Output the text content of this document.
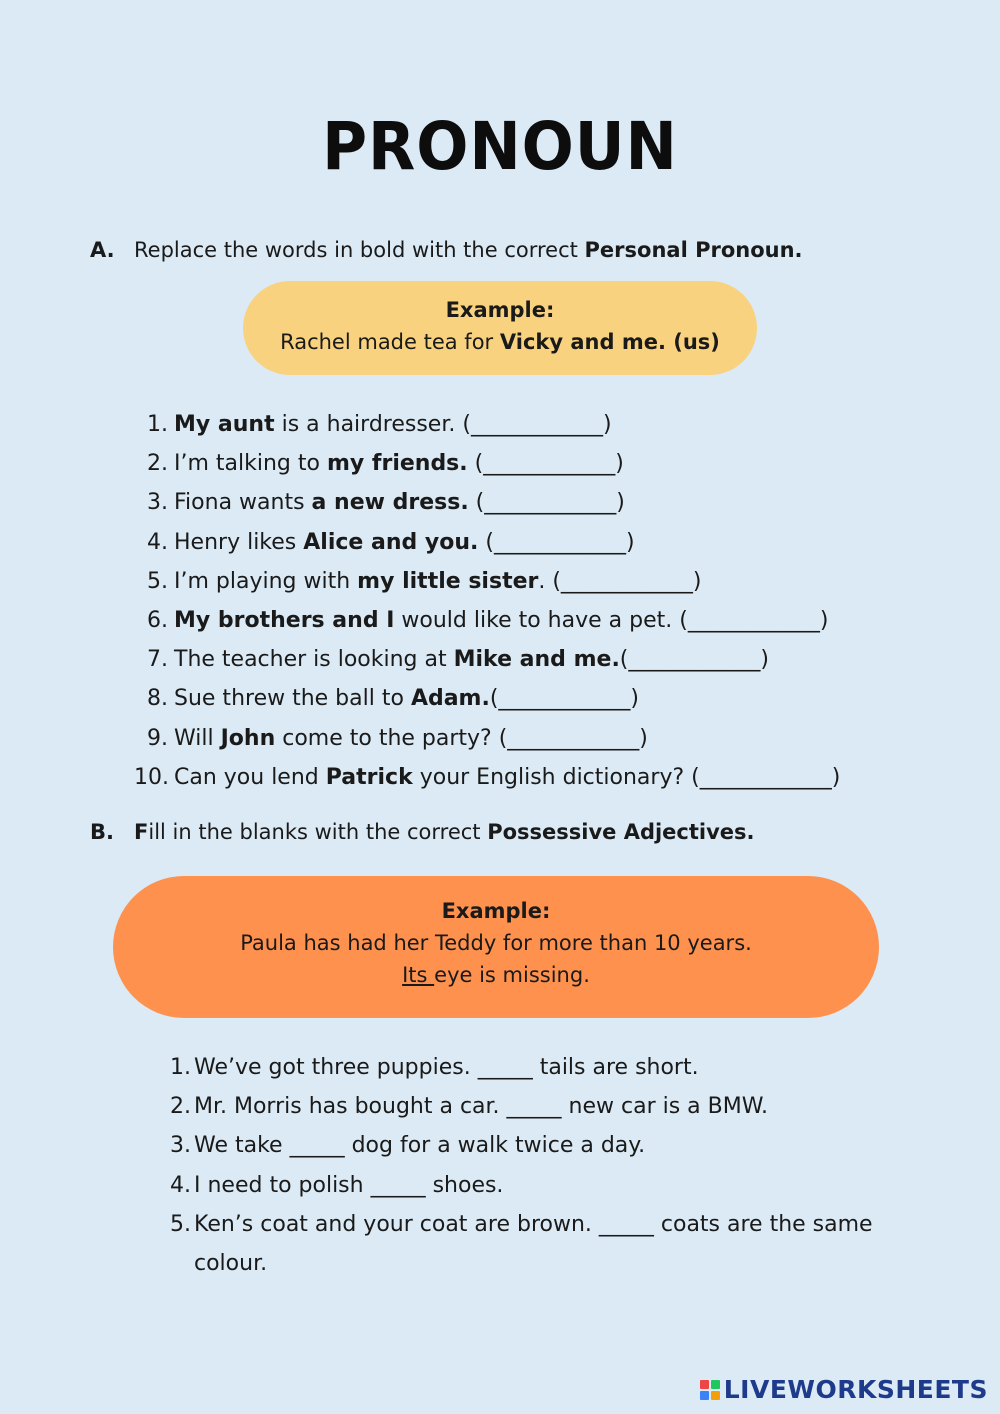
PRONOUN
A. Replace the words in bold with the correct Personal Pronoun.
Example:
Rachel made tea for Vicky and me. (us)
1. My aunt is a hairdresser. (____________)
2. I’m talking to my friends. (____________)
3. Fiona wants a new dress. (____________)
4. Henry likes Alice and you. (____________)
5. I’m playing with my little sister. (____________)
6. My brothers and I would like to have a pet. (____________)
7. The teacher is looking at Mike and me.(____________)
8. Sue threw the ball to Adam.(____________)
9. Will John come to the party? (____________)
10. Can you lend Patrick your English dictionary? (____________)
B. Fill in the blanks with the correct Possessive Adjectives.
Example:
Paula has had her Teddy for more than 10 years.
Its eye is missing.
1. We’ve got three puppies. _____ tails are short.
2. Mr. Morris has bought a car. _____ new car is a BMW.
3. We take _____ dog for a walk twice a day.
4. I need to polish _____ shoes.
5. Ken’s coat and your coat are brown. _____ coats are the same colour.
LIVEWORKSHEETS
